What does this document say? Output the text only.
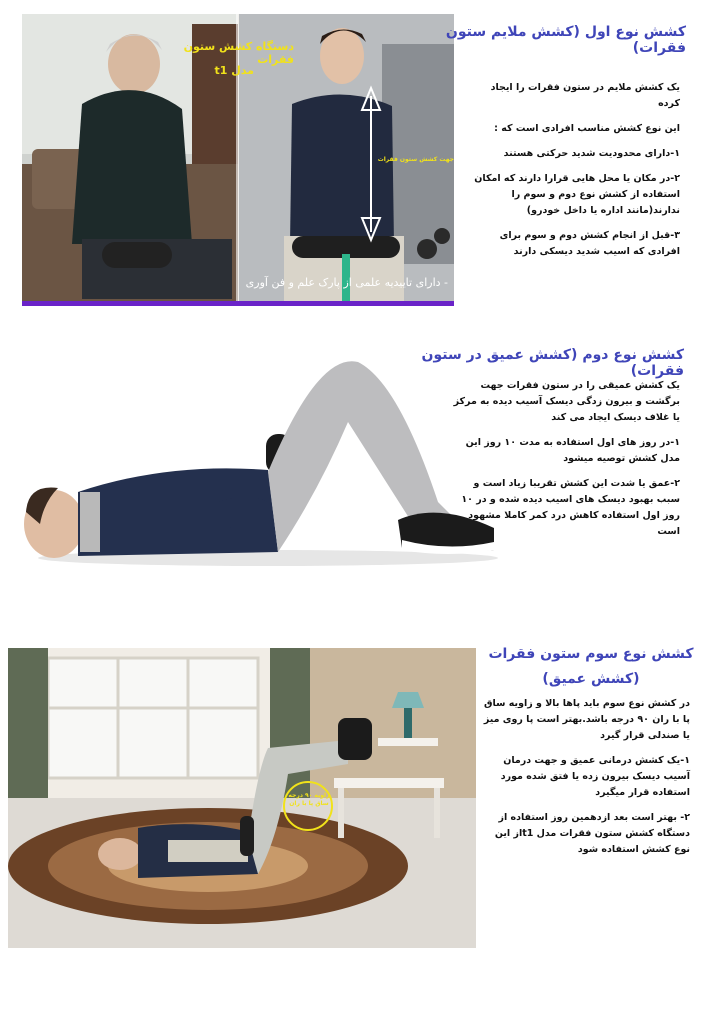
دستگاه کشش ستون فقرات
مدل t1
جهت کشش ستون فقرات
- دارای تاییدیه علمی از پارک علم و فن آوری
کشش نوع اول (کشش ملایم ستون فقرات)

یک کشش ملایم در ستون فقرات را ایجاد کرده

این نوع کشش مناسب افرادی است که :

۱-دارای محدودیت شدید حرکتی هستند

۲-در مکان یا محل هایی قرارا دارند که امکان استفاده از کشش نوع دوم و سوم را ندارند(مانند اداره یا داخل خودرو)

۳-قبل از انجام کشش دوم و سوم برای افرادی که اسیب شدید دیسکی دارند

کشش نوع دوم (کشش عمیق در ستون فقرات)

یک کشش عمیقی را در ستون فقرات جهت برگشت و بیرون زدگی دیسک آسیب دیده به مرکز یا غلاف دیسک ایجاد می کند

۱-در روز های اول استفاده به مدت ۱۰ روز این مدل کشش توصیه میشود

۲-عمق یا شدت این کشش تقریبا زیاد است و سبب بهبود دیسک های اسیب دیده شده و در ۱۰ روز اول استفاده کاهش درد کمر کاملا مشهود است

زاویه ۹۰ درجه ساق پا با ران
کشش نوع سوم ستون فقرات
(کشش عمیق)

در کشش نوع سوم باید پاها بالا و زاویه ساق پا با ران ۹۰ درجه باشد.بهتر است پا روی میز یا صندلی قرار گیرد

۱-یک کشش درمانی عمیق و جهت درمان آسیب دیسک بیرون زده یا فتق شده مورد استفاده قرار میگیرد

۲- بهتر است بعد ازدهمین روز استفاده از دستگاه کشش ستون فقرات مدل t1از این نوع کشش استفاده شود
